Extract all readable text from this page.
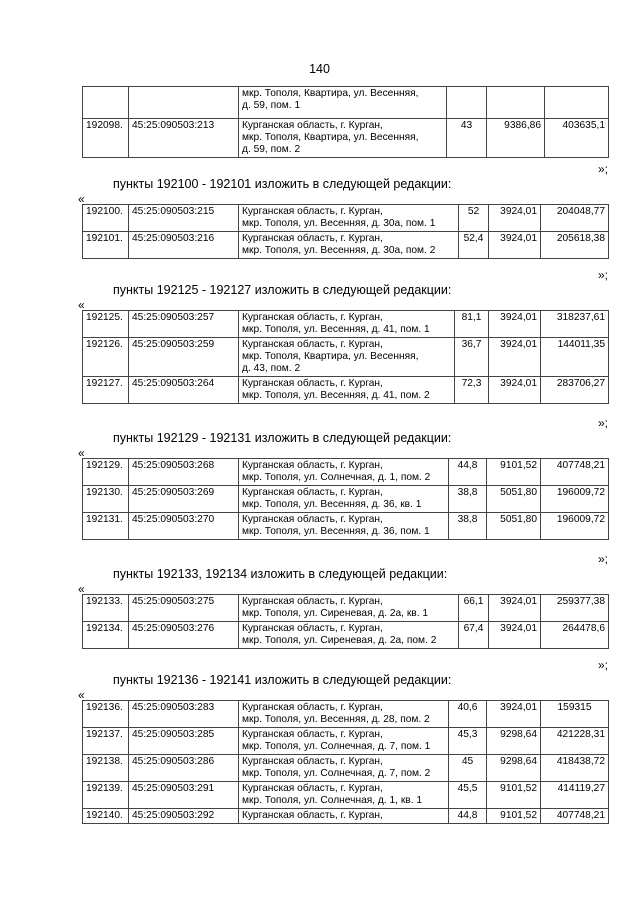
140
		мкр. Тополя, Квартира, ул. Весенняя,
д. 59, пом. 1			
192098.	45:25:090503:213	Курганская область, г. Курган,
мкр. Тополя, Квартира, ул. Весенняя,
д. 59, пом. 2	43	9386,86	403635,1
»;
пункты 192100 - 192101 изложить в следующей редакции:
«
192100.	45:25:090503:215	Курганская область, г. Курган,
мкр. Тополя, ул. Весенняя, д. 30а, пом. 1	52	3924,01	204048,77
192101.	45:25:090503:216	Курганская область, г. Курган,
мкр. Тополя, ул. Весенняя, д. 30а, пом. 2	52,4	3924,01	205618,38
»;
пункты 192125 - 192127 изложить в следующей редакции:
«
192125.	45:25:090503:257	Курганская область, г. Курган,
мкр. Тополя, ул. Весенняя, д. 41, пом. 1	81,1	3924,01	318237,61
192126.	45:25:090503:259	Курганская область, г. Курган,
мкр. Тополя, Квартира, ул. Весенняя,
д. 43, пом. 2	36,7	3924,01	144011,35
192127.	45:25:090503:264	Курганская область, г. Курган,
мкр. Тополя, ул. Весенняя, д. 41, пом. 2	72,3	3924,01	283706,27
»;
пункты 192129 - 192131 изложить в следующей редакции:
«
192129.	45:25:090503:268	Курганская область, г. Курган,
мкр. Тополя, ул. Солнечная, д. 1, пом. 2	44,8	9101,52	407748,21
192130.	45:25:090503:269	Курганская область, г. Курган,
мкр. Тополя, ул. Весенняя, д. 36, кв. 1	38,8	5051,80	196009,72
192131.	45:25:090503:270	Курганская область, г. Курган,
мкр. Тополя, ул. Весенняя, д. 36, пом. 1	38,8	5051,80	196009,72
»;
пункты 192133, 192134 изложить в следующей редакции:
«
192133.	45:25:090503:275	Курганская область, г. Курган,
мкр. Тополя, ул. Сиреневая, д. 2а, кв. 1	66,1	3924,01	259377,38
192134.	45:25:090503:276	Курганская область, г. Курган,
мкр. Тополя, ул. Сиреневая, д. 2а, пом. 2	67,4	3924,01	264478,6
»;
пункты 192136 - 192141 изложить в следующей редакции:
«
192136.	45:25:090503:283	Курганская область, г. Курган,
мкр. Тополя, ул. Весенняя, д. 28, пом. 2	40,6	3924,01	159315
192137.	45:25:090503:285	Курганская область, г. Курган,
мкр. Тополя, ул. Солнечная, д. 7, пом. 1	45,3	9298,64	421228,31
192138.	45:25:090503:286	Курганская область, г. Курган,
мкр. Тополя, ул. Солнечная, д. 7, пом. 2	45	9298,64	418438,72
192139.	45:25:090503:291	Курганская область, г. Курган,
мкр. Тополя, ул. Солнечная, д. 1, кв. 1	45,5	9101,52	414119,27
192140.	45:25:090503:292	Курганская область, г. Курган,	44,8	9101,52	407748,21
